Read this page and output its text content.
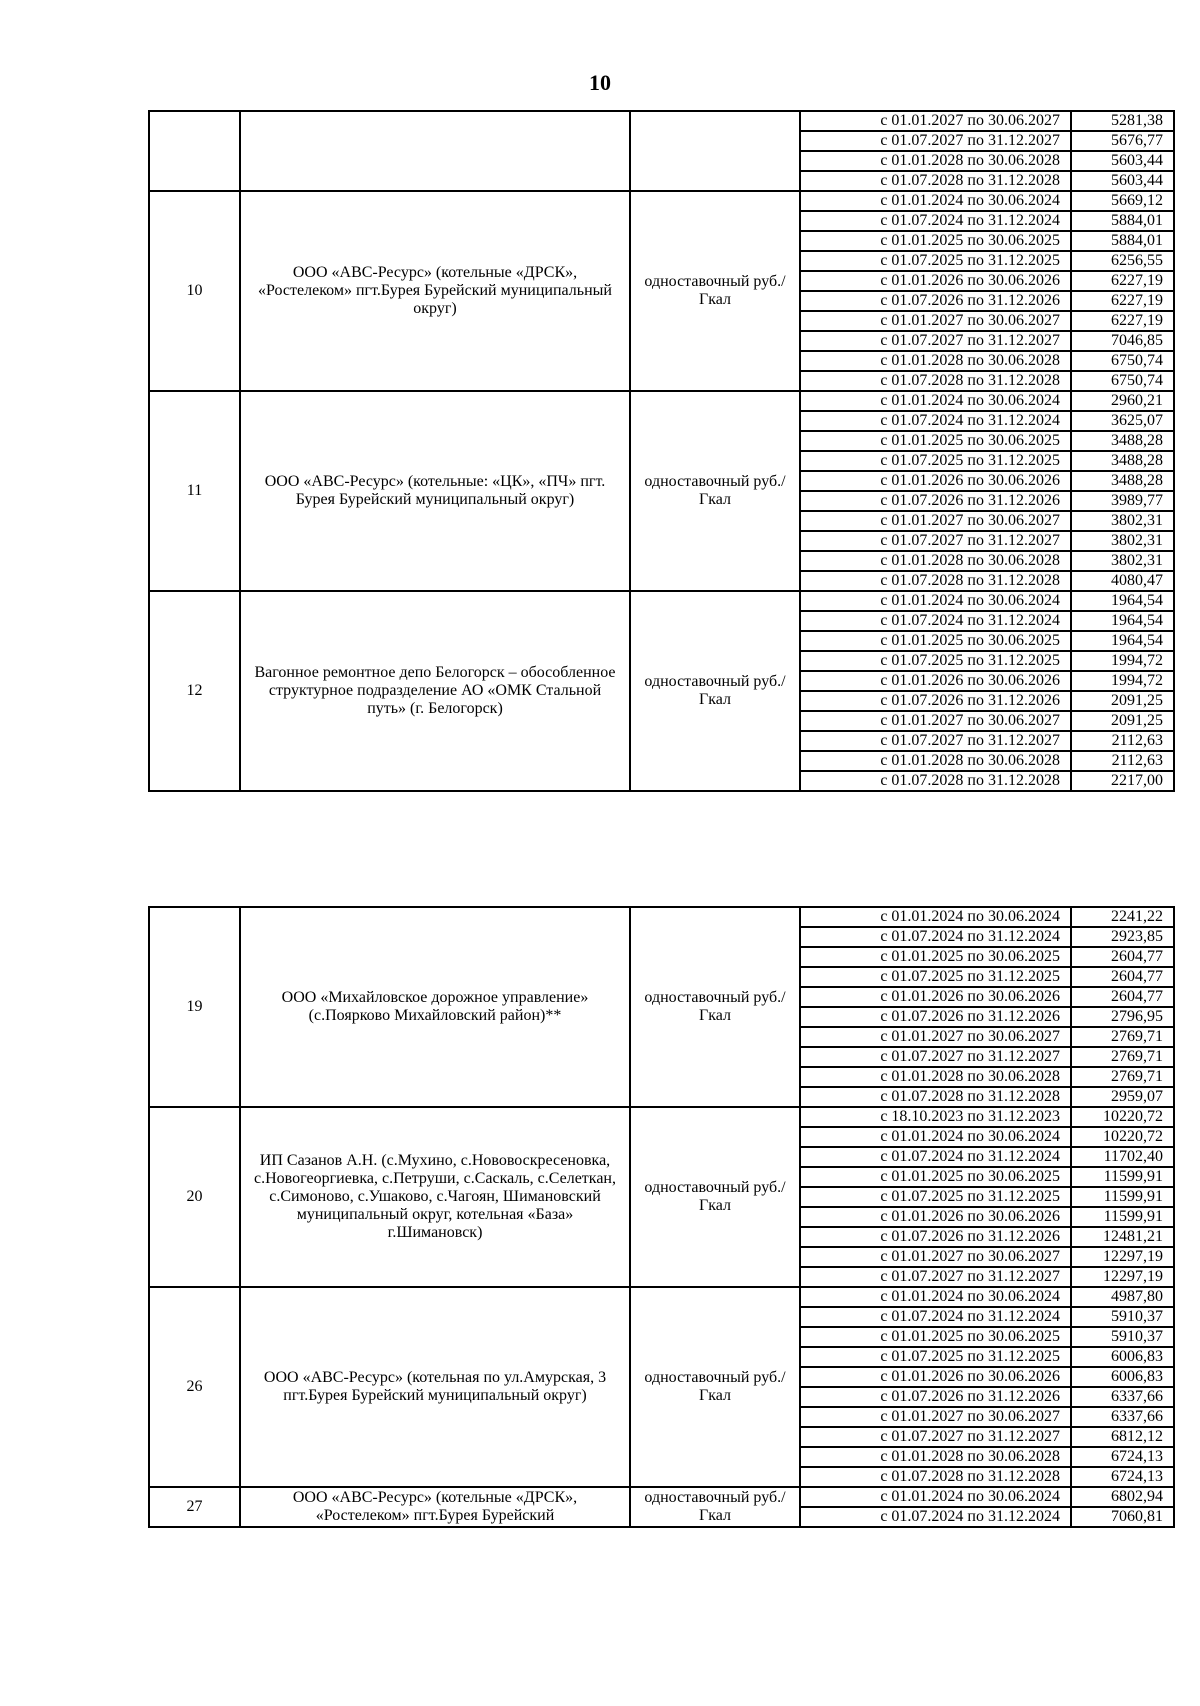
10
			с 01.01.2027 по 30.06.2027	5281,38
			с 01.07.2027 по 31.12.2027	5676,77
			с 01.01.2028 по 30.06.2028	5603,44
			с 01.07.2028 по 31.12.2028	5603,44
10	ООО «АВС-Ресурс» (котельные «ДРСК», «Ростелеком» пгт.Бурея Бурейский муниципальный округ)	одноставочный руб./Гкал	с 01.01.2024 по 30.06.2024	5669,12
			с 01.07.2024 по 31.12.2024	5884,01
			с 01.01.2025 по 30.06.2025	5884,01
			с 01.07.2025 по 31.12.2025	6256,55
			с 01.01.2026 по 30.06.2026	6227,19
			с 01.07.2026 по 31.12.2026	6227,19
			с 01.01.2027 по 30.06.2027	6227,19
			с 01.07.2027 по 31.12.2027	7046,85
			с 01.01.2028 по 30.06.2028	6750,74
			с 01.07.2028 по 31.12.2028	6750,74
11	ООО «АВС-Ресурс» (котельные: «ЦК», «ПЧ» пгт. Бурея Бурейский муниципальный округ)	одноставочный руб./Гкал	с 01.01.2024 по 30.06.2024	2960,21
			с 01.07.2024 по 31.12.2024	3625,07
			с 01.01.2025 по 30.06.2025	3488,28
			с 01.07.2025 по 31.12.2025	3488,28
			с 01.01.2026 по 30.06.2026	3488,28
			с 01.07.2026 по 31.12.2026	3989,77
			с 01.01.2027 по 30.06.2027	3802,31
			с 01.07.2027 по 31.12.2027	3802,31
			с 01.01.2028 по 30.06.2028	3802,31
			с 01.07.2028 по 31.12.2028	4080,47
12	Вагонное ремонтное депо Белогорск – обособленное структурное подразделение АО «ОМК Стальной путь» (г. Белогорск)	одноставочный руб./Гкал	с 01.01.2024 по 30.06.2024	1964,54
			с 01.07.2024 по 31.12.2024	1964,54
			с 01.01.2025 по 30.06.2025	1964,54
			с 01.07.2025 по 31.12.2025	1994,72
			с 01.01.2026 по 30.06.2026	1994,72
			с 01.07.2026 по 31.12.2026	2091,25
			с 01.01.2027 по 30.06.2027	2091,25
			с 01.07.2027 по 31.12.2027	2112,63
			с 01.01.2028 по 30.06.2028	2112,63
			с 01.07.2028 по 31.12.2028	2217,00
19	ООО «Михайловское дорожное управление» (с.Поярково Михайловский район)**	одноставочный руб./Гкал	с 01.01.2024 по 30.06.2024	2241,22
			с 01.07.2024 по 31.12.2024	2923,85
			с 01.01.2025 по 30.06.2025	2604,77
			с 01.07.2025 по 31.12.2025	2604,77
			с 01.01.2026 по 30.06.2026	2604,77
			с 01.07.2026 по 31.12.2026	2796,95
			с 01.01.2027 по 30.06.2027	2769,71
			с 01.07.2027 по 31.12.2027	2769,71
			с 01.01.2028 по 30.06.2028	2769,71
			с 01.07.2028 по 31.12.2028	2959,07
20	ИП Сазанов А.Н. (с.Мухино, с.Нововоскресеновка, с.Новогеоргиевка, с.Петруши, с.Саскаль, с.Селеткан, с.Симоново, с.Ушаково, с.Чагоян, Шимановский муниципальный округ, котельная «База» г.Шимановск)	одноставочный руб./Гкал	с 18.10.2023 по 31.12.2023	10220,72
			с 01.01.2024 по 30.06.2024	10220,72
			с 01.07.2024 по 31.12.2024	11702,40
			с 01.01.2025 по 30.06.2025	11599,91
			с 01.07.2025 по 31.12.2025	11599,91
			с 01.01.2026 по 30.06.2026	11599,91
			с 01.07.2026 по 31.12.2026	12481,21
			с 01.01.2027 по 30.06.2027	12297,19
			с 01.07.2027 по 31.12.2027	12297,19
26	ООО «АВС-Ресурс» (котельная по ул.Амурская, 3 пгт.Бурея Бурейский муниципальный округ)	одноставочный руб./Гкал	с 01.01.2024 по 30.06.2024	4987,80
			с 01.07.2024 по 31.12.2024	5910,37
			с 01.01.2025 по 30.06.2025	5910,37
			с 01.07.2025 по 31.12.2025	6006,83
			с 01.01.2026 по 30.06.2026	6006,83
			с 01.07.2026 по 31.12.2026	6337,66
			с 01.01.2027 по 30.06.2027	6337,66
			с 01.07.2027 по 31.12.2027	6812,12
			с 01.01.2028 по 30.06.2028	6724,13
			с 01.07.2028 по 31.12.2028	6724,13
27	ООО «АВС-Ресурс» (котельные «ДРСК», «Ростелеком» пгт.Бурея Бурейский	одноставочный руб./Гкал	с 01.01.2024 по 30.06.2024	6802,94
			с 01.07.2024 по 31.12.2024	7060,81
